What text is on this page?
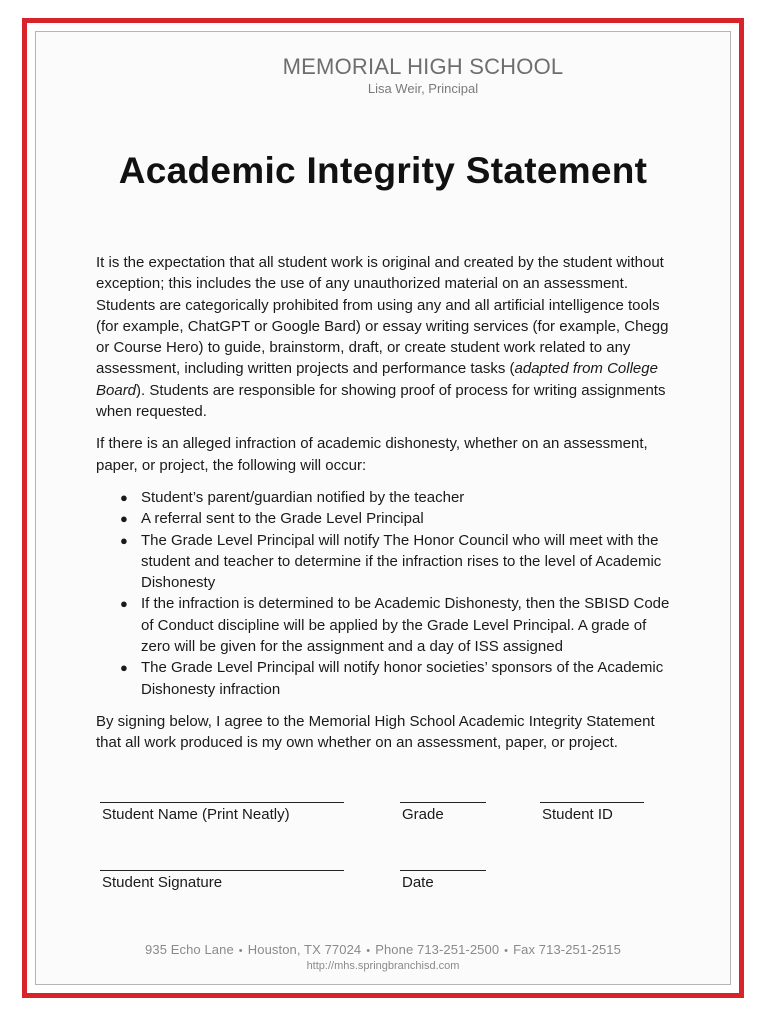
MEMORIAL HIGH SCHOOL
Lisa Weir, Principal
Academic Integrity Statement

It is the expectation that all student work is original and created by the student without exception; this includes the use of any unauthorized material on an assessment. Students are categorically prohibited from using any and all artificial intelligence tools (for example, ChatGPT or Google Bard) or essay writing services (for example, Chegg or Course Hero) to guide, brainstorm, draft, or create student work related to any assessment, including written projects and performance tasks (adapted from College Board). Students are responsible for showing proof of process for writing assignments when requested.

If there is an alleged infraction of academic dishonesty, whether on an assessment, paper, or project, the following will occur:

● Student’s parent/guardian notified by the teacher
● A referral sent to the Grade Level Principal
● The Grade Level Principal will notify The Honor Council who will meet with the student and teacher to determine if the infraction rises to the level of Academic Dishonesty
● If the infraction is determined to be Academic Dishonesty, then the SBISD Code of Conduct discipline will be applied by the Grade Level Principal. A grade of zero will be given for the assignment and a day of ISS assigned
● The Grade Level Principal will notify honor societies’ sponsors of the Academic Dishonesty infraction

By signing below, I agree to the Memorial High School Academic Integrity Statement that all work produced is my own whether on an assessment, paper, or project.

Student Name (Print Neatly)	Grade	Student ID
Student Signature	Date
935 Echo Lane • Houston, TX 77024 • Phone 713-251-2500 • Fax 713-251-2515
http://mhs.springbranchisd.com
